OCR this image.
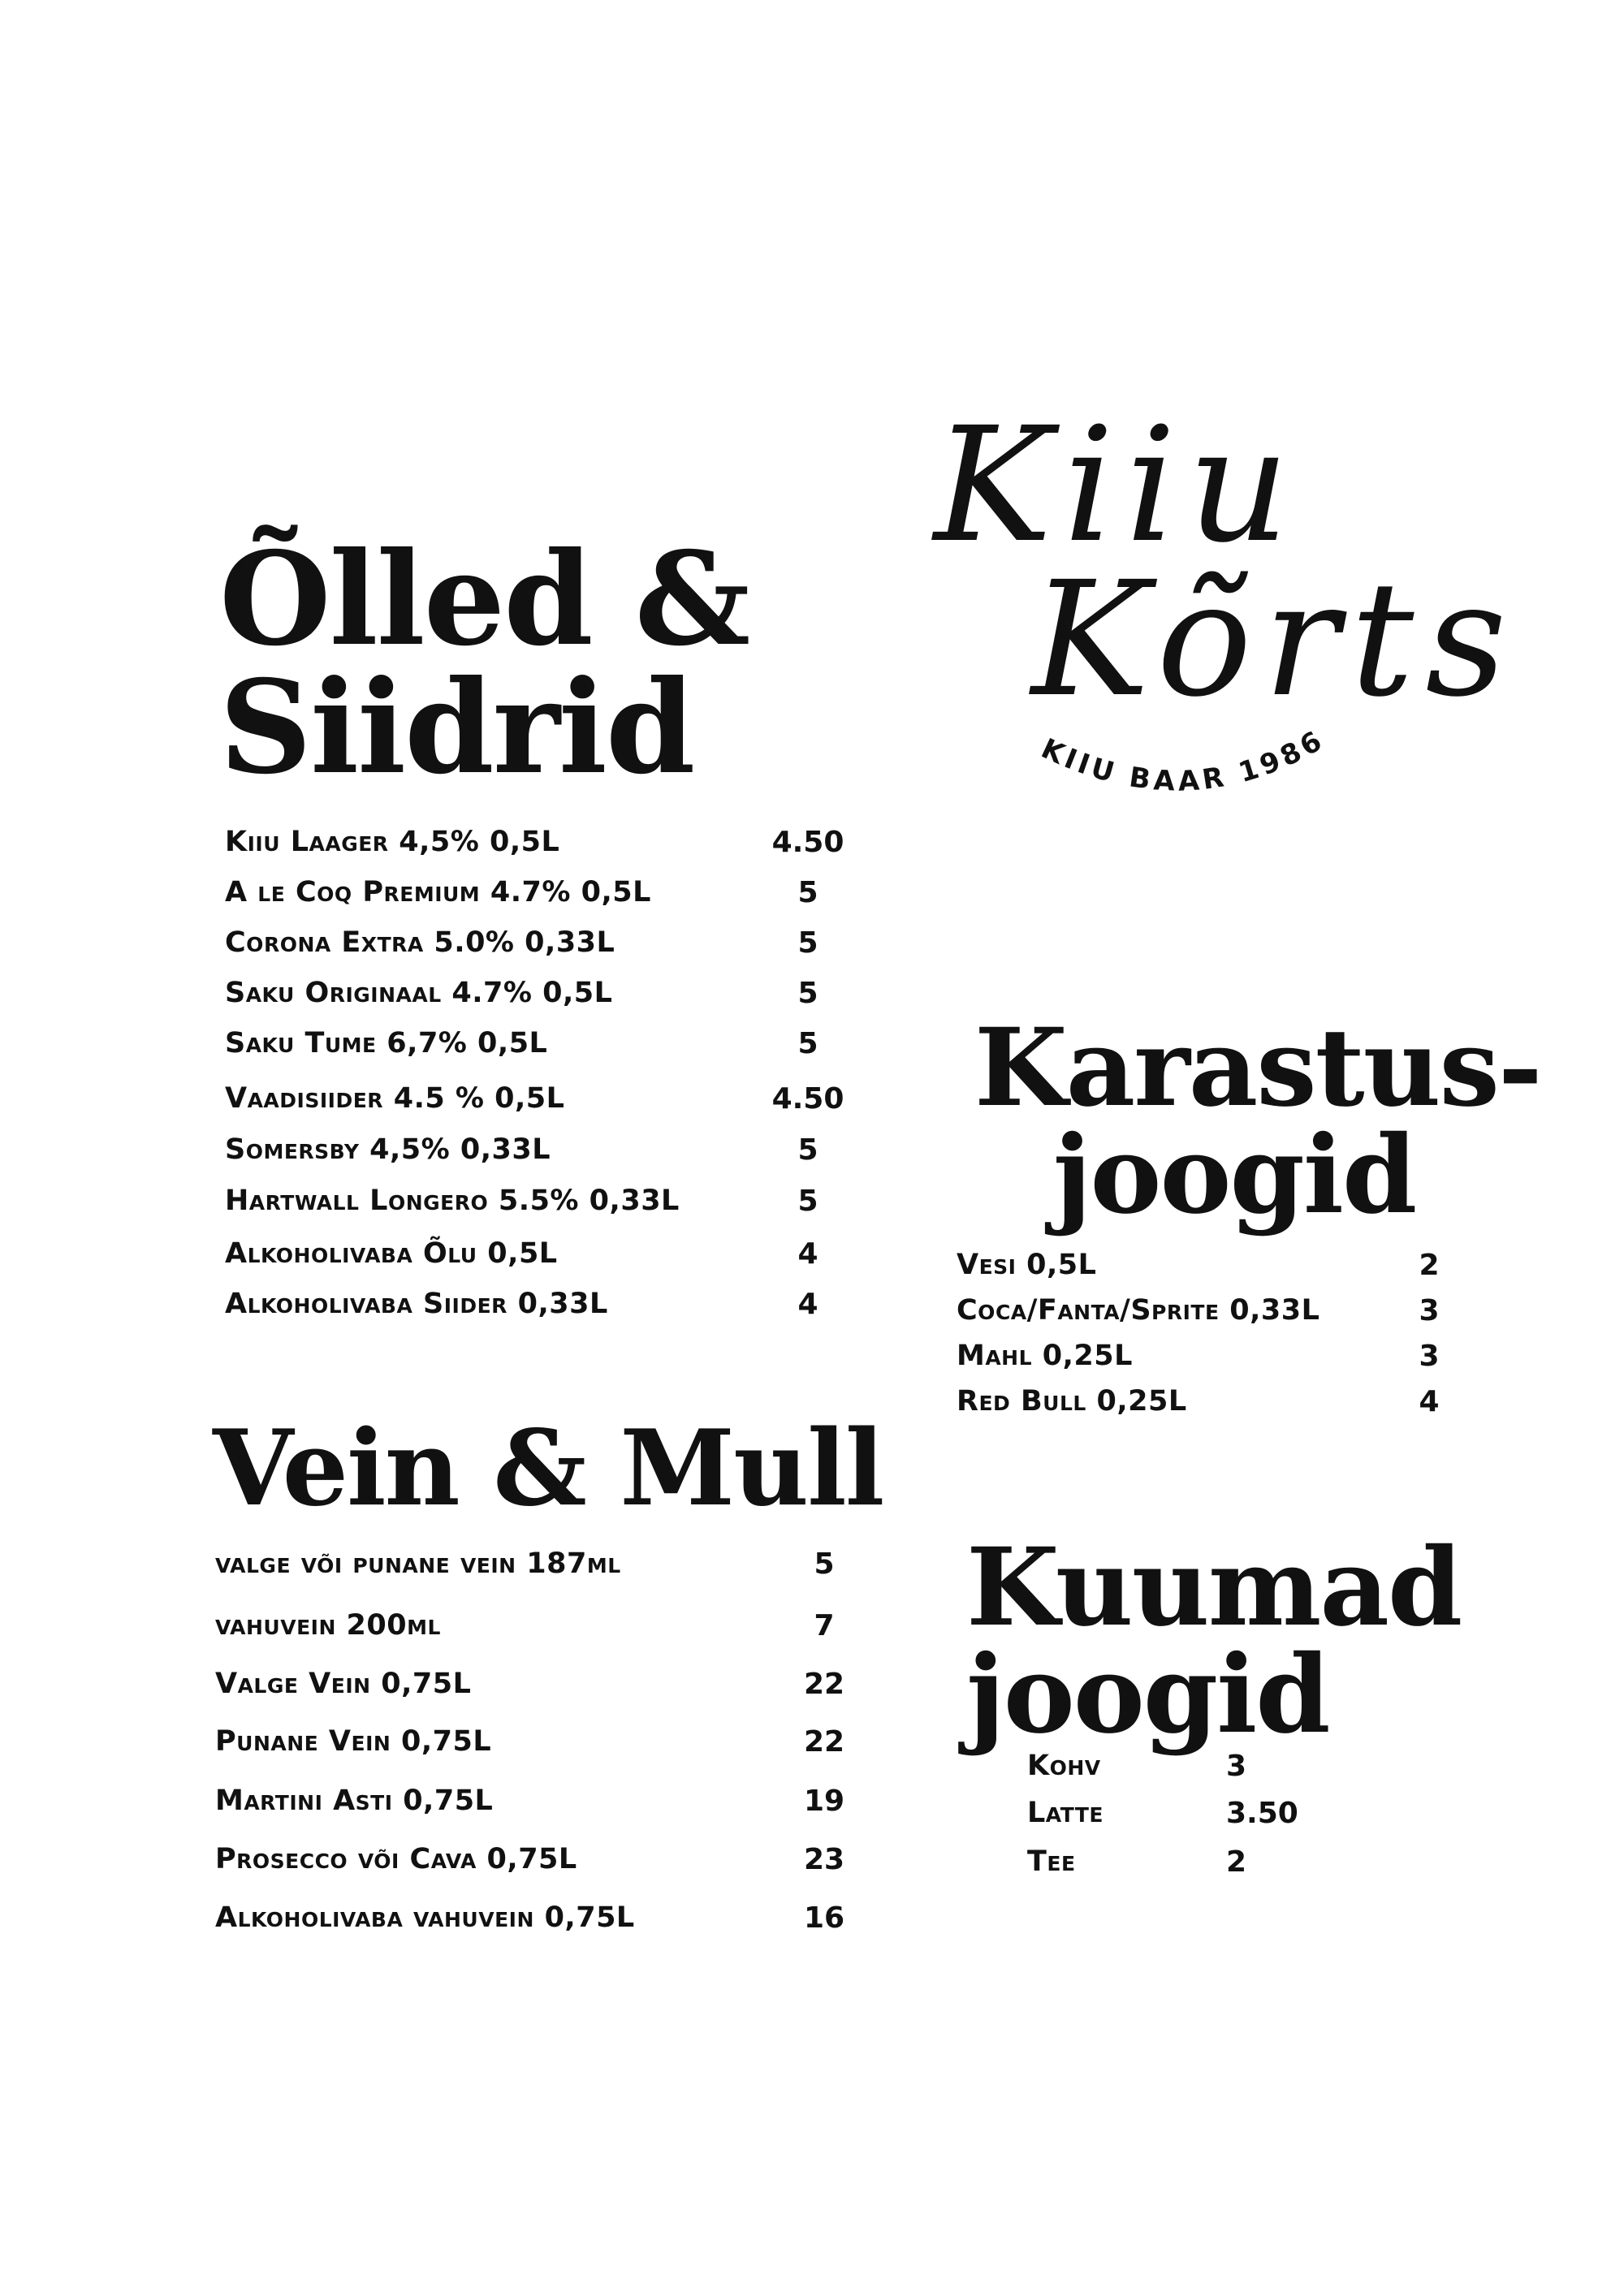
Kiiu
Kõrts
KIIU BAAR 1986
Õlled &
Siidrid
Kiiu Laager 4,5% 0,5L	4.50
A le Coq Premium 4.7% 0,5L	5
Corona Extra 5.0% 0,33L	5
Saku Originaal 4.7% 0,5L	5
Saku Tume 6,7% 0,5L	5
Vaadisiider 4.5 % 0,5L	4.50
Somersby 4,5% 0,33L	5
Hartwall Longero 5.5% 0,33L	5
Alkoholivaba Õlu 0,5L	4
Alkoholivaba Siider 0,33L	4
Vein & Mull
valge või punane vein 187ml	5
vahuvein 200ml	7
Valge Vein 0,75L	22
Punane Vein 0,75L	22
Martini Asti 0,75L	19
Prosecco või Cava 0,75L	23
Alkoholivaba vahuvein 0,75L	16
Karastus-
joogid
Vesi 0,5L	2
Coca/Fanta/Sprite 0,33L	3
Mahl 0,25L	3
Red Bull 0,25L	4
Kuumad
joogid
Kohv	3
Latte	3.50
Tee	2
